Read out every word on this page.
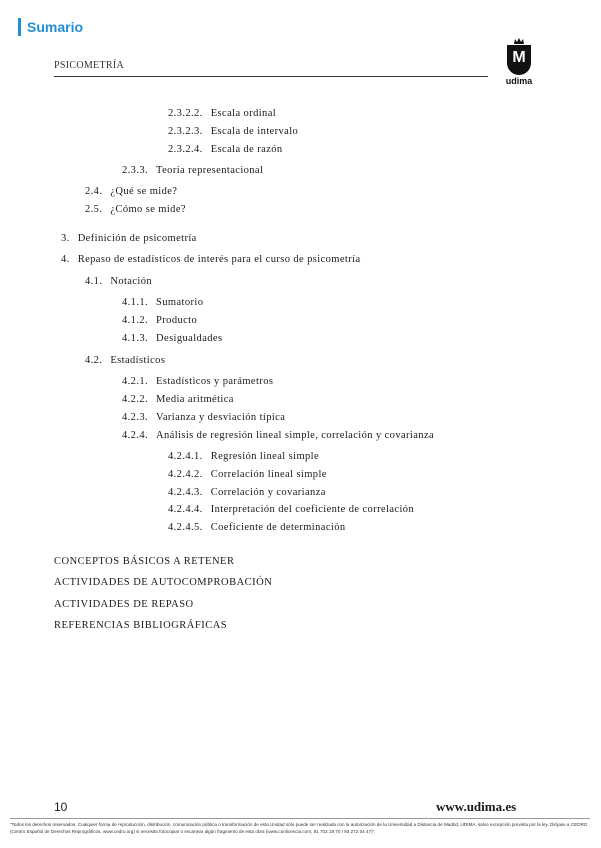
Sumario
PSICOMETRÍA	M
udima
2.3.2.2. Escala ordinal
2.3.2.3. Escala de intervalo
2.3.2.4. Escala de razón
2.3.3. Teoría representacional
2.4. ¿Qué se mide?
2.5. ¿Cómo se mide?
3. Definición de psicometría
4. Repaso de estadísticos de interés para el curso de psicometría
4.1. Notación
4.1.1. Sumatorio
4.1.2. Producto
4.1.3. Desigualdades
4.2. Estadísticos
4.2.1. Estadísticos y parámetros
4.2.2. Media aritmética
4.2.3. Varianza y desviación típica
4.2.4. Análisis de regresión lineal simple, correlación y covarianza
4.2.4.1. Regresión lineal simple
4.2.4.2. Correlación lineal simple
4.2.4.3. Correlación y covarianza
4.2.4.4. Interpretación del coeficiente de correlación
4.2.4.5. Coeficiente de determinación
CONCEPTOS BÁSICOS A RETENER
ACTIVIDADES DE AUTOCOMPROBACIÓN
ACTIVIDADES DE REPASO
REFERENCIAS BIBLIOGRÁFICAS
10	www.udima.es
"Todos los derechos reservados. Cualquier forma de reproducción, distribución, comunicación pública o transformación de esta Unidad sólo puede ser realizada con la autorización de la Universidad a Distancia de Madrid, UDIMA, salvo excepción prevista por la ley. Diríjase a CEDRO (Centro Español de Derechos Reprográficos, www.cedro.org) si necesita fotocopiar o escanear algún fragmento de esta obra (www.conlicencia.com; 91 702 19 70 / 93 272 04 47)".
